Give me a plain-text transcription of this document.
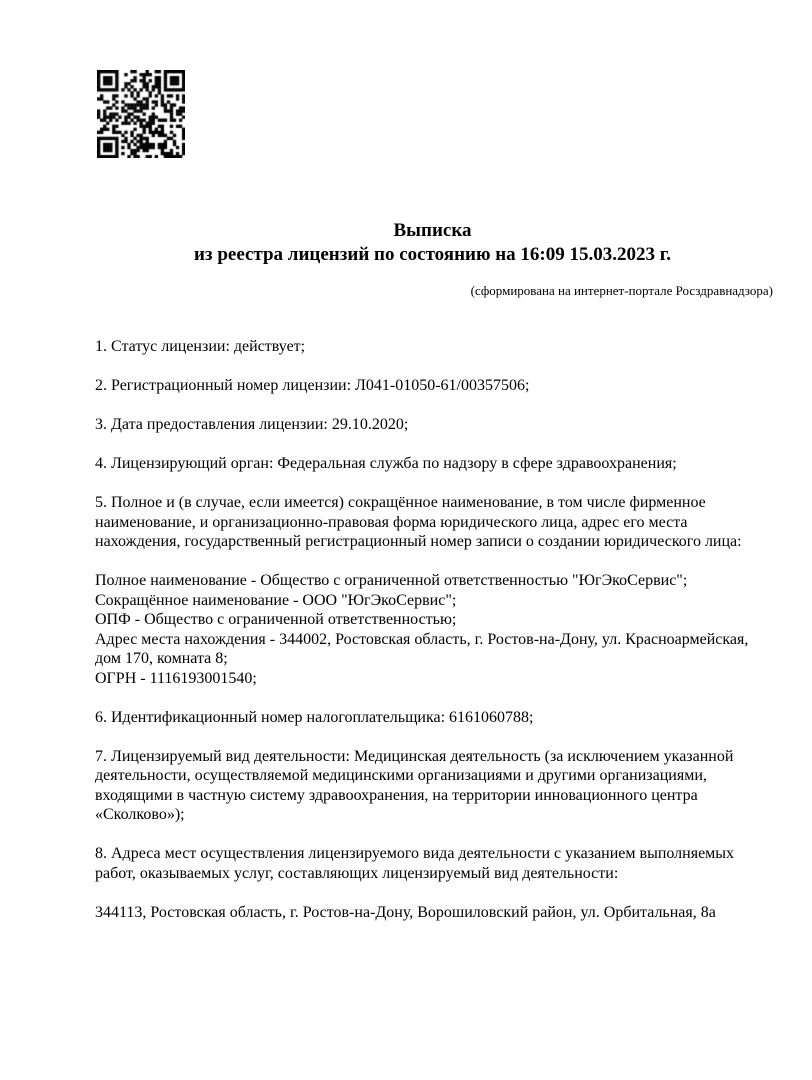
Выписка
из реестра лицензий по состоянию на 16:09 15.03.2023 г.
(сформирована на интернет-портале Росздравнадзора)
1. Статус лицензии: действует;
2. Регистрационный номер лицензии: Л041-01050-61/00357506;
3. Дата предоставления лицензии: 29.10.2020;
4. Лицензирующий орган: Федеральная служба по надзору в сфере здравоохранения;
5. Полное и (в случае, если имеется) сокращённое наименование, в том числе фирменное
наименование, и организационно-правовая форма юридического лица, адрес его места
нахождения, государственный регистрационный номер записи о создании юридического лица:
Полное наименование - Общество с ограниченной ответственностью "ЮгЭкоСервис";
Сокращённое наименование - ООО "ЮгЭкоСервис";
ОПФ - Общество с ограниченной ответственностью;
Адрес места нахождения - 344002, Ростовская область, г. Ростов-на-Дону, ул. Красноармейская,
дом 170, комната 8;
ОГРН - 1116193001540;
6. Идентификационный номер налогоплательщика: 6161060788;
7. Лицензируемый вид деятельности: Медицинская деятельность (за исключением указанной
деятельности, осуществляемой медицинскими организациями и другими организациями,
входящими в частную систему здравоохранения, на территории инновационного центра
«Сколково»);
8. Адреса мест осуществления лицензируемого вида деятельности с указанием выполняемых
работ, оказываемых услуг, составляющих лицензируемый вид деятельности:
344113, Ростовская область, г. Ростов-на-Дону, Ворошиловский район, ул. Орбитальная, 8а
